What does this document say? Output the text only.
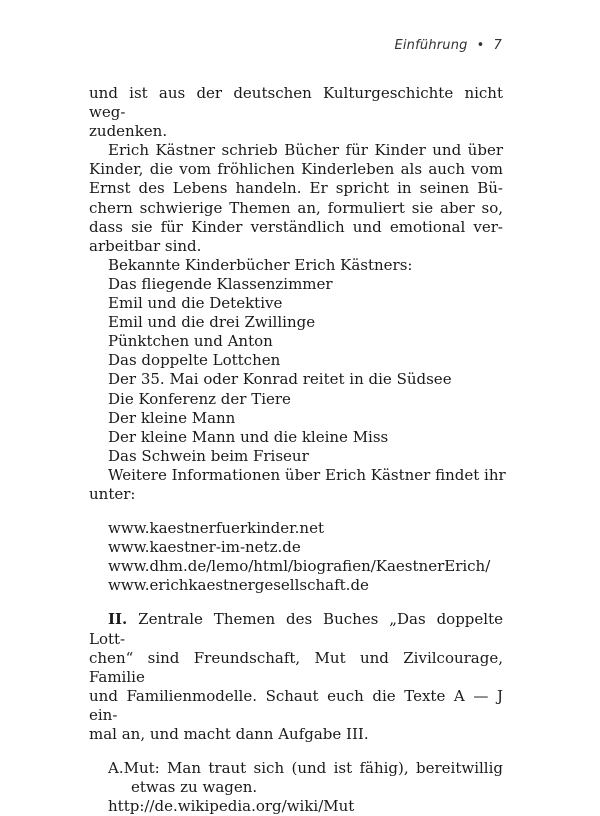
Einführung • 7

und ist aus der deutschen Kulturgeschichte nicht weg-

zudenken.

Erich Kästner schrieb Bücher für Kinder und über

Kinder, die vom fröhlichen Kinderleben als auch vom

Ernst des Lebens handeln. Er spricht in seinen Bü-

chern schwierige Themen an, formuliert sie aber so,

dass sie für Kinder verständlich und emotional ver-

arbeitbar sind.

Bekannte Kinderbücher Erich Kästners:

Das fliegende Klassenzimmer

Emil und die Detektive

Emil und die drei Zwillinge

Pünktchen und Anton

Das doppelte Lottchen

Der 35. Mai oder Konrad reitet in die Südsee

Die Konferenz der Tiere

Der kleine Mann

Der kleine Mann und die kleine Miss

Das Schwein beim Friseur

Weitere Informationen über Erich Kästner findet ihr

unter:

www.kaestnerfuerkinder.net

www.kaestner-im-netz.de

www.dhm.de/lemo/html/biografien/KaestnerErich/

www.erichkaestnergesellschaft.de

II. Zentrale Themen des Buches „Das doppelte Lott-

chen“ sind Freundschaft, Mut und Zivilcourage, Familie

und Familienmodelle. Schaut euch die Texte A — J ein-

mal an, und macht dann Aufgabe III.

A.Mut: Man traut sich (und ist fähig), bereitwillig etwas zu wagen.

http://de.wikipedia.org/wiki/Mut
